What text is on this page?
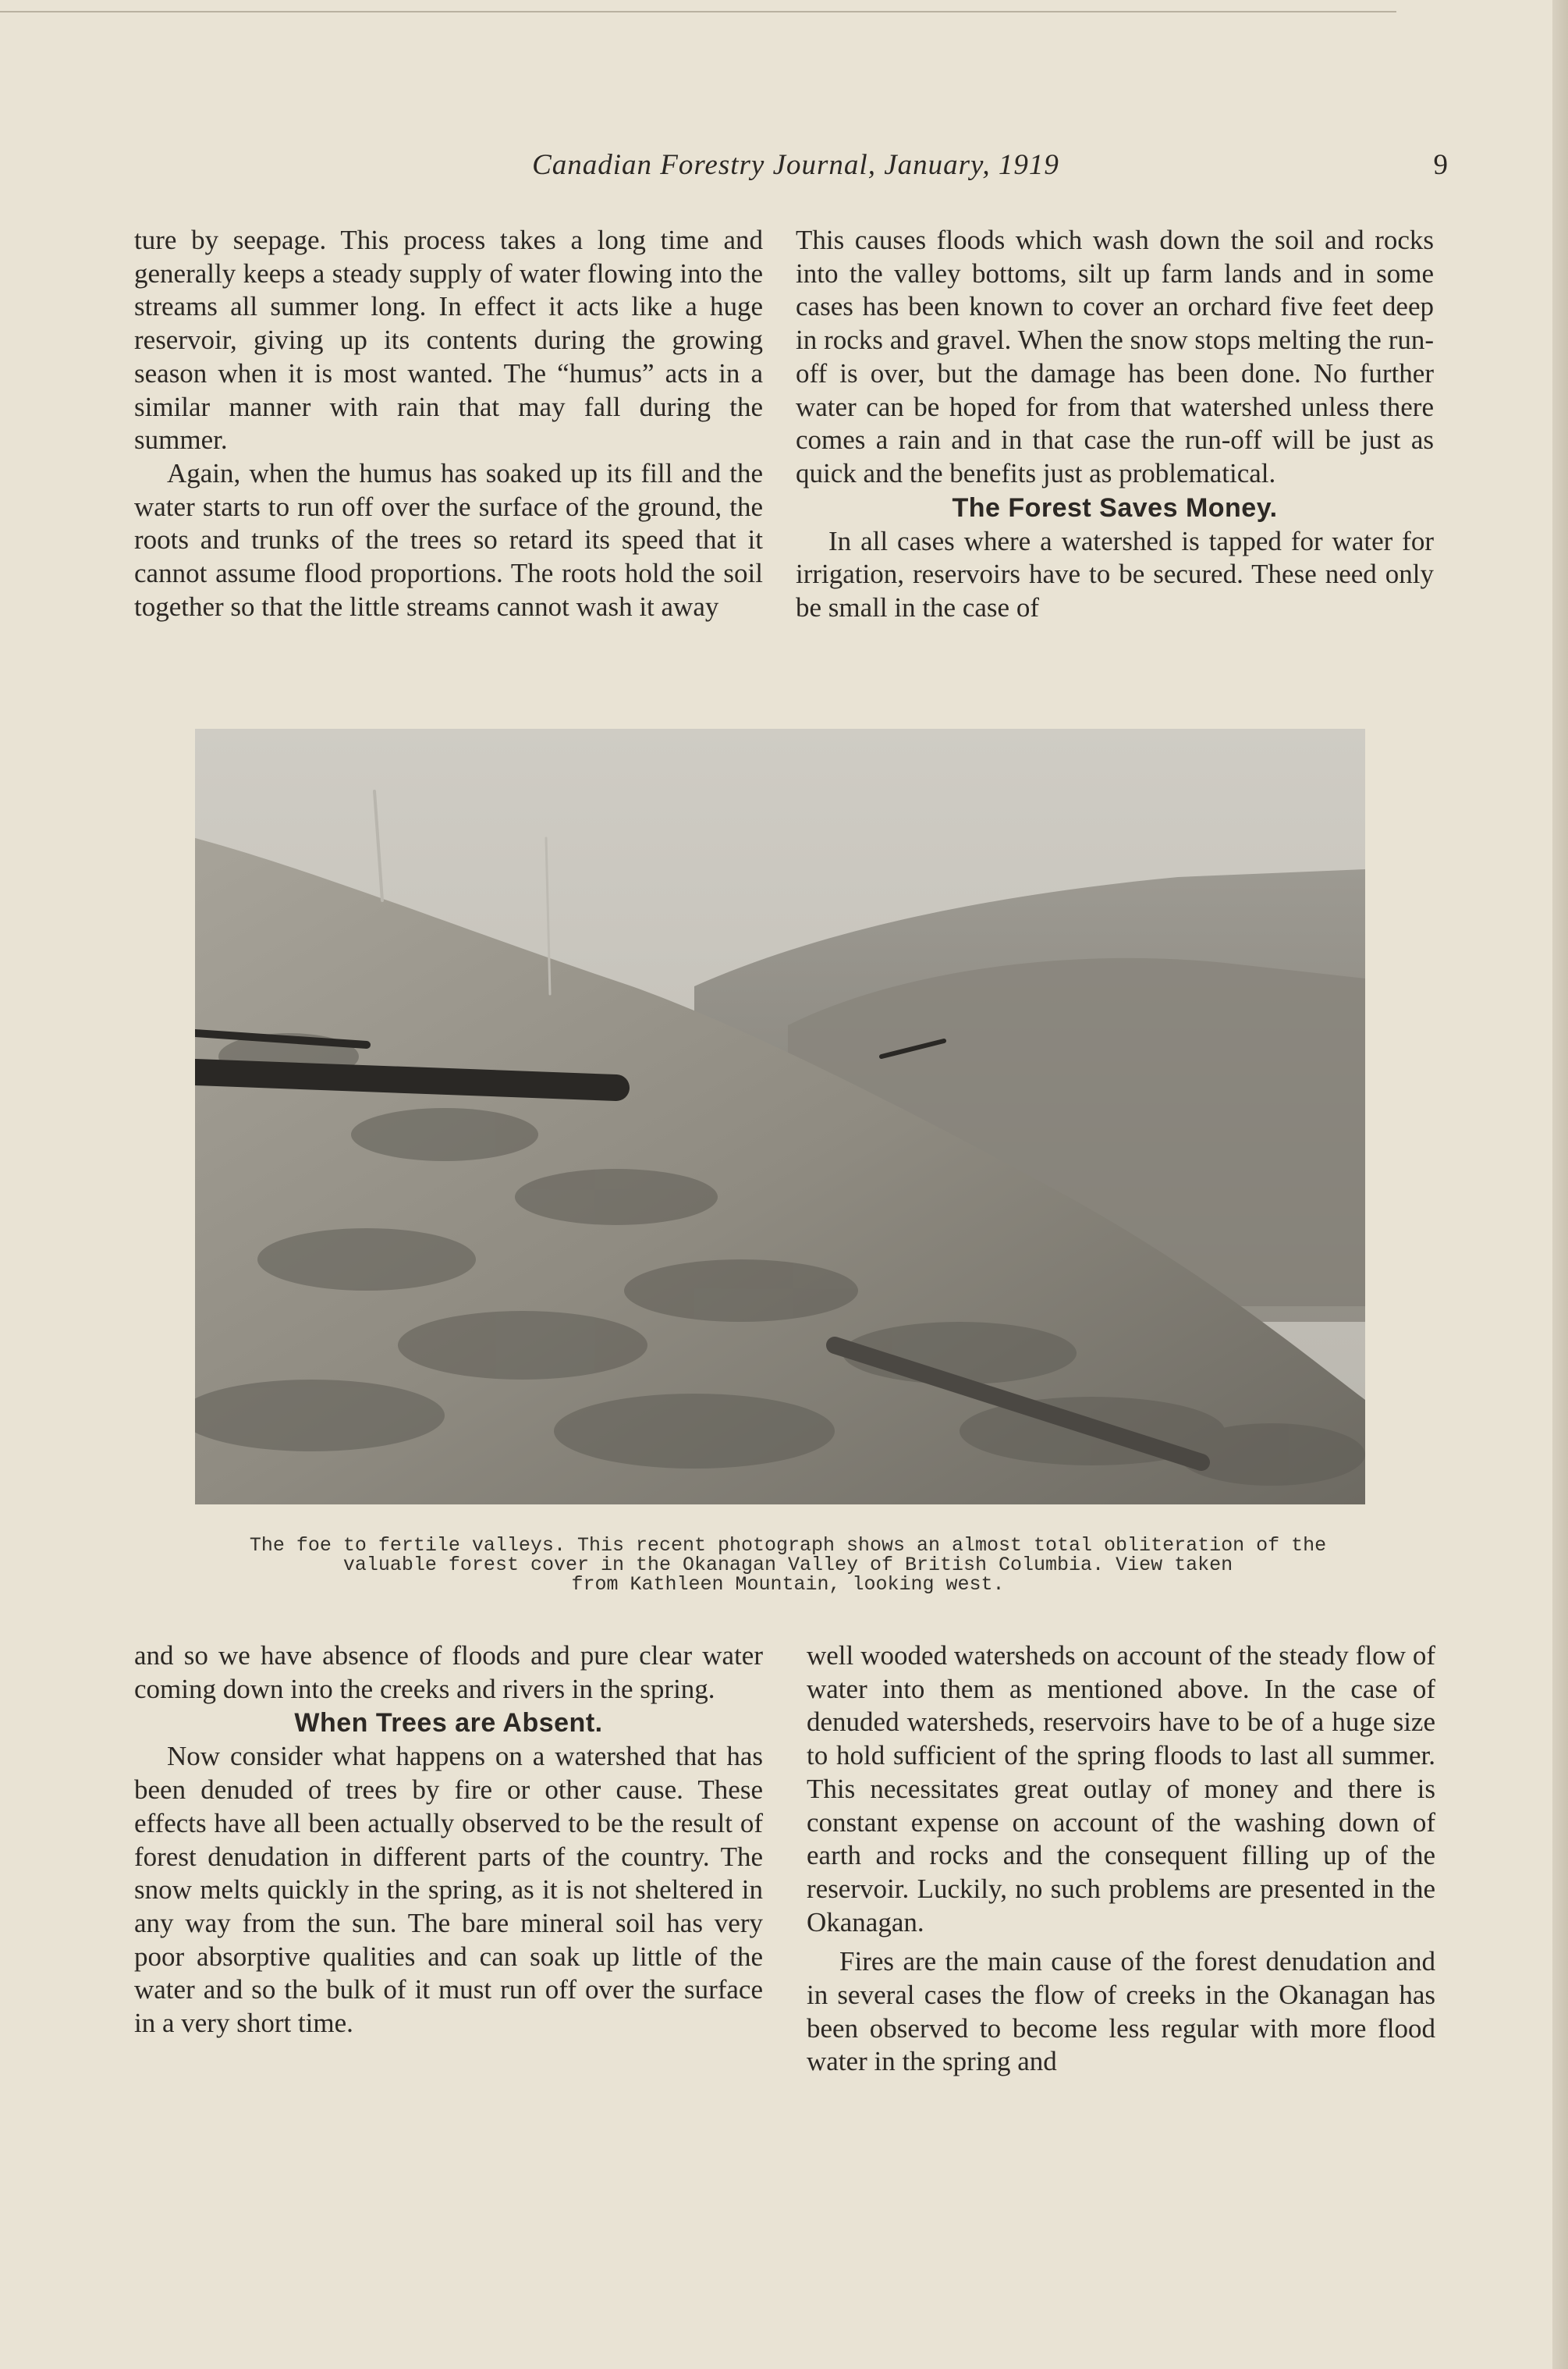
Canadian Forestry Journal, January, 1919	9

ture by seepage. This process takes a long time and generally keeps a steady supply of water flowing into the streams all summer long. In effect it acts like a huge reservoir, giving up its contents during the growing season when it is most wanted. The “humus” acts in a similar manner with rain that may fall during the summer.

Again, when the humus has soaked up its fill and the water starts to run off over the surface of the ground, the roots and trunks of the trees so retard its speed that it cannot assume flood proportions. The roots hold the soil together so that the little streams cannot wash it away

This causes floods which wash down the soil and rocks into the valley bottoms, silt up farm lands and in some cases has been known to cover an orchard five feet deep in rocks and gravel. When the snow stops melting the run-off is over, but the damage has been done. No further water can be hoped for from that watershed unless there comes a rain and in that case the run-off will be just as quick and the benefits just as problematical.

The Forest Saves Money.

In all cases where a watershed is tapped for water for irrigation, reservoirs have to be secured. These need only be small in the case of

The foe to fertile valleys. This recent photograph shows an almost total obliteration of the
valuable forest cover in the Okanagan Valley of British Columbia. View taken
from Kathleen Mountain, looking west.

and so we have absence of floods and pure clear water coming down into the creeks and rivers in the spring.

When Trees are Absent.

Now consider what happens on a watershed that has been denuded of trees by fire or other cause. These effects have all been actually observed to be the result of forest denudation in different parts of the country. The snow melts quickly in the spring, as it is not sheltered in any way from the sun. The bare mineral soil has very poor absorptive qualities and can soak up little of the water and so the bulk of it must run off over the surface in a very short time.

well wooded watersheds on account of the steady flow of water into them as mentioned above. In the case of denuded watersheds, reservoirs have to be of a huge size to hold sufficient of the spring floods to last all summer. This necessitates great outlay of money and there is constant expense on account of the washing down of earth and rocks and the consequent filling up of the reservoir. Luckily, no such problems are presented in the Okanagan.

Fires are the main cause of the forest denudation and in several cases the flow of creeks in the Okanagan has been observed to become less regular with more flood water in the spring and
